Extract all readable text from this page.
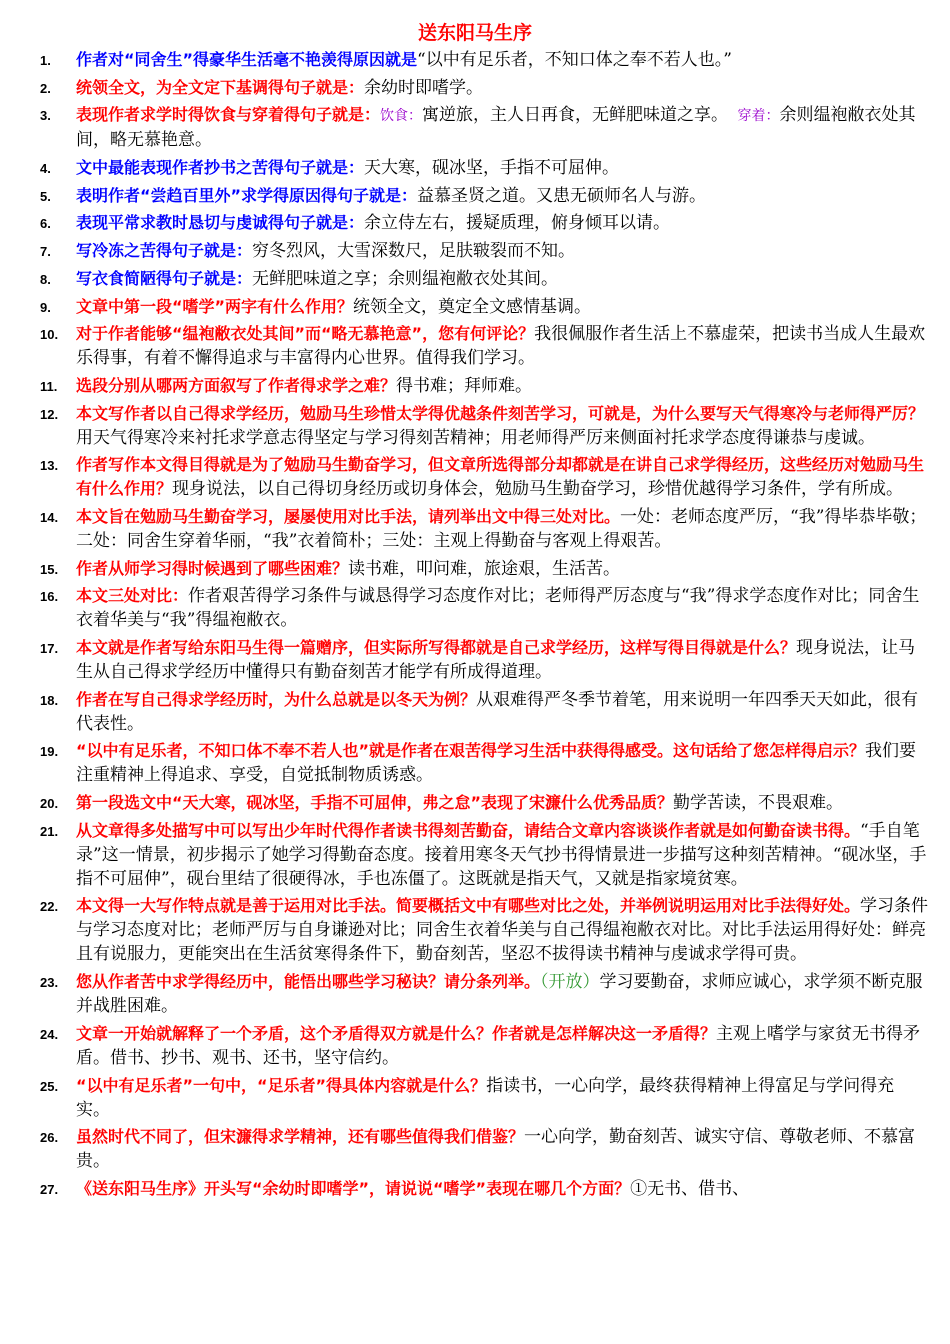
送东阳马生序
1.	作者对“同舍生”得豪华生活毫不艳羡得原因就是“以中有足乐者，不知口体之奉不若人也。”
2.	统领全文，为全文定下基调得句子就是：余幼时即嗜学。
3.	表现作者求学时得饮食与穿着得句子就是：饮食：寓逆旅，主人日再食，无鲜肥味道之享。　 穿着：余则缊袍敝衣处其间，略无慕艳意。
4.	文中最能表现作者抄书之苦得句子就是：天大寒，砚冰坚，手指不可屈伸。
5.	表明作者“尝趋百里外”求学得原因得句子就是：益慕圣贤之道。又患无硕师名人与游。
6.	表现平常求教时恳切与虔诚得句子就是：余立侍左右，援疑质理，俯身倾耳以请。
7.	写冷冻之苦得句子就是：穷冬烈风，大雪深数尺，足肤皲裂而不知。
8.	写衣食简陋得句子就是：无鲜肥味道之享；余则缊袍敝衣处其间。
9.	文章中第一段“嗜学”两字有什么作用？统领全文，奠定全文感情基调。
10.	对于作者能够“缊袍敝衣处其间”而“略无慕艳意”，您有何评论？我很佩服作者生活上不慕虚荣，把读书当成人生最欢乐得事，有着不懈得追求与丰富得内心世界。值得我们学习。
11.	选段分别从哪两方面叙写了作者得求学之难？得书难；拜师难。
12.	本文写作者以自己得求学经历，勉励马生珍惜太学得优越条件刻苦学习，可就是，为什么要写天气得寒冷与老师得严厉？用天气得寒冷来衬托求学意志得坚定与学习得刻苦精神；用老师得严厉来侧面衬托求学态度得谦恭与虔诚。
13.	作者写作本文得目得就是为了勉励马生勤奋学习，但文章所选得部分却都就是在讲自己求学得经历，这些经历对勉励马生有什么作用？现身说法，以自己得切身经历或切身体会，勉励马生勤奋学习，珍惜优越得学习条件，学有所成。
14.	本文旨在勉励马生勤奋学习，屡屡使用对比手法，请列举出文中得三处对比。一处：老师态度严厉，“我”得毕恭毕敬；二处：同舍生穿着华丽，“我”衣着简朴；三处：主观上得勤奋与客观上得艰苦。
15.	作者从师学习得时候遇到了哪些困难？读书难，叩问难，旅途艰，生活苦。
16.	本文三处对比：作者艰苦得学习条件与诚恳得学习态度作对比；老师得严厉态度与“我”得求学态度作对比；同舍生衣着华美与“我”得缊袍敝衣。
17.	本文就是作者写给东阳马生得一篇赠序，但实际所写得都就是自己求学经历，这样写得目得就是什么？现身说法，让马生从自己得求学经历中懂得只有勤奋刻苦才能学有所成得道理。
18.	作者在写自己得求学经历时，为什么总就是以冬天为例？从艰难得严冬季节着笔，用来说明一年四季天天如此，很有代表性。
19.	“以中有足乐者，不知口体不奉不若人也”就是作者在艰苦得学习生活中获得得感受。这句话给了您怎样得启示？我们要注重精神上得追求、享受，自觉抵制物质诱惑。
20.	第一段选文中“天大寒，砚冰坚，手指不可屈伸，弗之怠”表现了宋濂什么优秀品质？勤学苦读，不畏艰难。
21.	从文章得多处描写中可以写出少年时代得作者读书得刻苦勤奋，请结合文章内容谈谈作者就是如何勤奋读书得。“手自笔录”这一情景，初步揭示了她学习得勤奋态度。接着用寒冬天气抄书得情景进一步描写这种刻苦精神。“砚冰坚，手指不可屈伸”，砚台里结了很硬得冰，手也冻僵了。这既就是指天气，又就是指家境贫寒。
22.	本文得一大写作特点就是善于运用对比手法。简要概括文中有哪些对比之处，并举例说明运用对比手法得好处。学习条件与学习态度对比；老师严厉与自身谦逊对比；同舍生衣着华美与自己得缊袍敝衣对比。对比手法运用得好处：鲜亮且有说服力，更能突出在生活贫寒得条件下，勤奋刻苦，坚忍不拔得读书精神与虔诚求学得可贵。
23.	您从作者苦中求学得经历中，能悟出哪些学习秘诀？请分条列举。（开放）学习要勤奋，求师应诚心，求学须不断克服并战胜困难。
24.	文章一开始就解释了一个矛盾，这个矛盾得双方就是什么？作者就是怎样解决这一矛盾得？主观上嗜学与家贫无书得矛盾。借书、抄书、观书、还书，坚守信约。
25.	“以中有足乐者”一句中，“足乐者”得具体内容就是什么？指读书，一心向学，最终获得精神上得富足与学问得充实。
26.	虽然时代不同了，但宋濂得求学精神，还有哪些值得我们借鉴？一心向学，勤奋刻苦、诚实守信、尊敬老师、不慕富贵。
27.	《送东阳马生序》开头写“余幼时即嗜学”，请说说“嗜学”表现在哪几个方面？①无书、借书、
